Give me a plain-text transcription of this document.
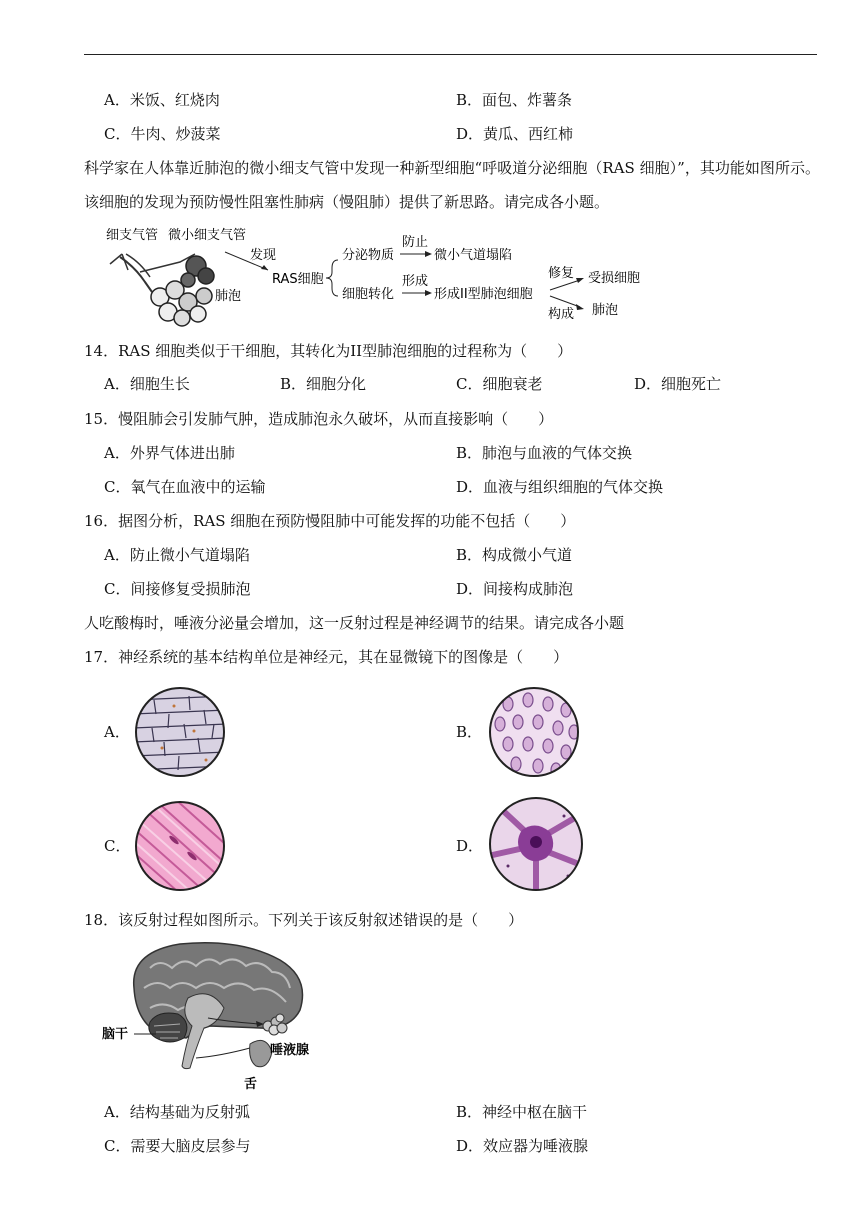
A．米饭、红烧肉	B．面包、炸薯条
C．牛肉、炒菠菜	D．黄瓜、西红柿
科学家在人体靠近肺泡的微小细支气管中发现一种新型细胞“呼吸道分泌细胞（RAS 细胞）”，其功能如图所示。该细胞的发现为预防慢性阻塞性肺病（慢阻肺）提供了新思路。请完成各小题。
细支气管 微小细支气管
肺泡
发现
RAS细胞
分泌物质
防止
微小气道塌陷
细胞转化
形成
形成II型肺泡细胞
修复 受损细胞
构成 肺泡
14．RAS 细胞类似于干细胞，其转化为II型肺泡细胞的过程称为（　　）
A．细胞生长	B．细胞分化	C．细胞衰老	D．细胞死亡
15．慢阻肺会引发肺气肿，造成肺泡永久破坏，从而直接影响（　　）
A．外界气体进出肺	B．肺泡与血液的气体交换
C．氧气在血液中的运输	D．血液与组织细胞的气体交换
16．据图分析，RAS 细胞在预防慢阻肺中可能发挥的功能不包括（　　）
A．防止微小气道塌陷	B．构成微小气道
C．间接修复受损肺泡	D．间接构成肺泡
人吃酸梅时，唾液分泌量会增加，这一反射过程是神经调节的结果。请完成各小题
17．神经系统的基本结构单位是神经元，其在显微镜下的图像是（　　）
A．	B．
C．	D．
18．该反射过程如图所示。下列关于该反射叙述错误的是（　　）
脑干
唾液腺
舌
A．结构基础为反射弧	B．神经中枢在脑干
C．需要大脑皮层参与	D．效应器为唾液腺
